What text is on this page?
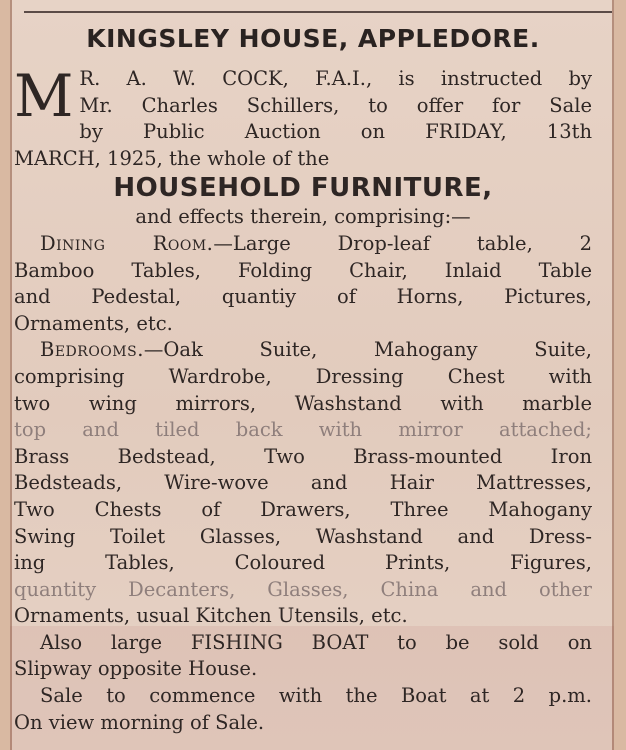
KINGSLEY HOUSE, APPLEDORE.
M R. A. W. COCK, F.A.I., is instructed by
Mr. Charles Schillers, to offer for Sale
by Public Auction on FRIDAY, 13th
MARCH, 1925, the whole of the
HOUSEHOLD FURNITURE,
and effects therein, comprising:—
Dining Room.—Large Drop-leaf table, 2
Bamboo Tables, Folding Chair, Inlaid Table
and Pedestal, quantiy of Horns, Pictures,
Ornaments, etc.
Bedrooms.—Oak Suite, Mahogany Suite,
comprising Wardrobe, Dressing Chest with
two wing mirrors, Washstand with marble
top and tiled back with mirror attached;
Brass Bedstead, Two Brass-mounted Iron
Bedsteads, Wire-wove and Hair Mattresses,
Two Chests of Drawers, Three Mahogany
Swing Toilet Glasses, Washstand and Dress-
ing Tables, Coloured Prints, Figures,
quantity Decanters, Glasses, China and other
Ornaments, usual Kitchen Utensils, etc.
Also large FISHING BOAT to be sold on
Slipway opposite House.
Sale to commence with the Boat at 2 p.m.
On view morning of Sale.
